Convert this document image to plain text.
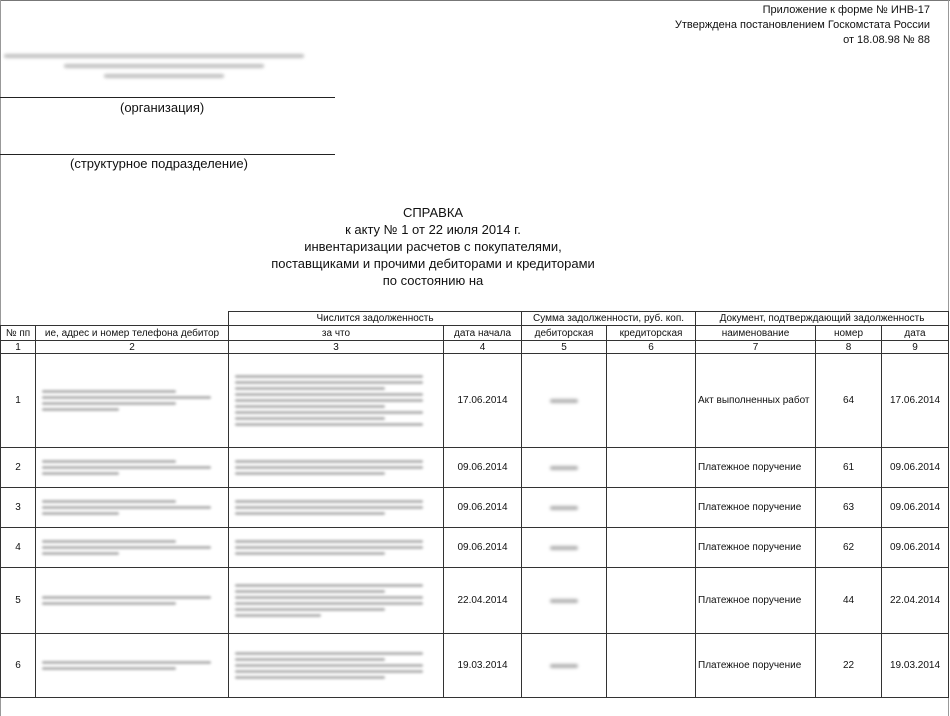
Приложение к форме № ИНВ-17
Утверждена постановлением Госкомстата России
от 18.08.98 № 88
(организация)
(структурное подразделение)
СПРАВКА
к акту № 1 от 22 июля 2014 г.
инвентаризации расчетов с покупателями,
поставщиками и прочими дебиторами и кредиторами
по состоянию на
		Числится задолженность		Сумма задолженности, руб. коп.		Документ, подтверждающий задолженность		
№ пп	ие, адрес и номер телефона дебитор	за что	дата начала	дебиторская	кредиторская	наименование	номер	дата
1	2	3	4	5	6	7	8	9
1			17.06.2014			Акт выполненных работ	64	17.06.2014
2			09.06.2014			Платежное поручение	61	09.06.2014
3			09.06.2014			Платежное поручение	63	09.06.2014
4			09.06.2014			Платежное поручение	62	09.06.2014
5			22.04.2014			Платежное поручение	44	22.04.2014
6			19.03.2014			Платежное поручение	22	19.03.2014
